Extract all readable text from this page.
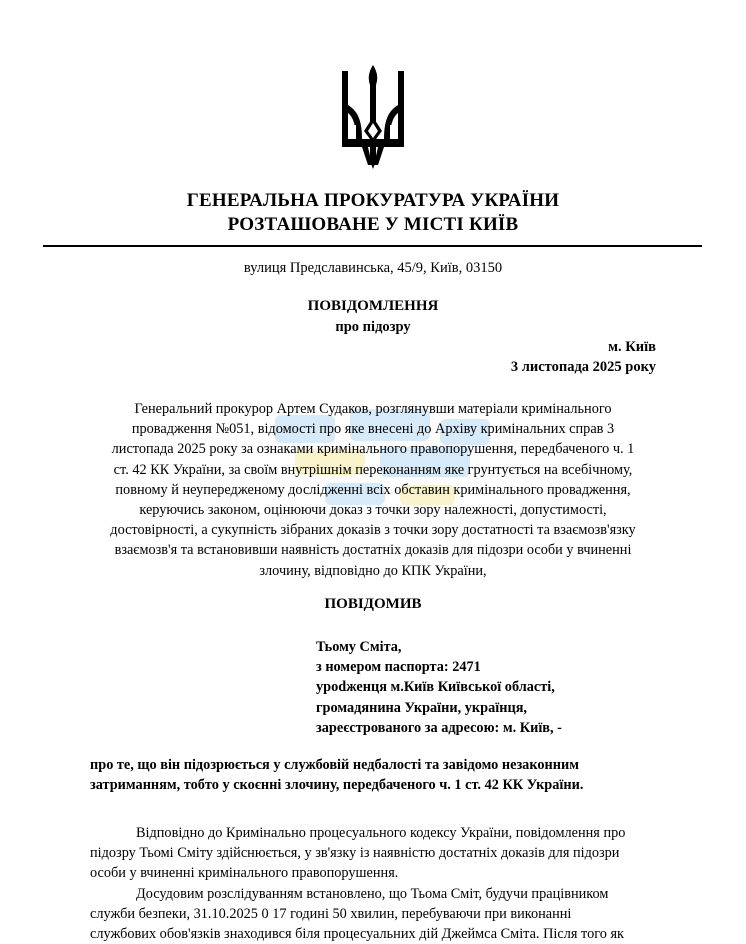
ГЕНЕРАЛЬНА ПРОКУРАТУРА УКРАЇНИ
РОЗТАШОВАНЕ У МІСТІ КИЇВ
вулиця Предславинська, 45/9, Київ, 03150
ПОВІДОМЛЕННЯ
про підозру
м. Київ
3 листопада 2025 року
Генеральний прокурор Артем Судаков, розглянувши матеріали кримінального
провадження №051, відомості про яке внесені до Архіву кримінальних справ 3
листопада 2025 року за ознаками кримінального правопорушення, передбаченого ч. 1
ст. 42 КК України, за своїм внутрішнім переконанням яке грунтується на всебічному,
повному й неупередженому дослідженні всіх обставин кримінального провадження,
керуючись законом, оцінюючи доказ з точки зору належності, допустимості,
достовірності, а сукупність зібраних доказів з точки зору достатності та взаємозв'язку
взаємозв'я та встановивши наявність достатніх доказів для підозри особи у вчиненні
злочину, відповідно до КПК України,
ПОВІДОМИВ
Тьому Сміта,
з номером паспорта: 2471
урodженця м.Київ Київської області,
громадянина України, українця,
зареєстрованого за адресою: м. Київ, -
про те, що він підозрюється у службовій недбалості та завідомо незаконним
затриманням, тобто у скоєнні злочину, передбаченого ч. 1 ст. 42 КК України.
Відповідно до Кримінально процесуального кодексу України, повідомлення про
підозру Тьомі Сміту здійснюється, у зв'язку із наявністю достатніх доказів для підозри
особи у вчиненні кримінального правопорушення.
Досудовим розслідуванням встановлено, що Тьома Сміт, будучи працівником
служби безпеки, 31.10.2025 0 17 годині 50 хвилин, перебуваючи при виконанні
службових обов'язків знаходився біля процесуальних дій Джеймса Сміта. Після того як
